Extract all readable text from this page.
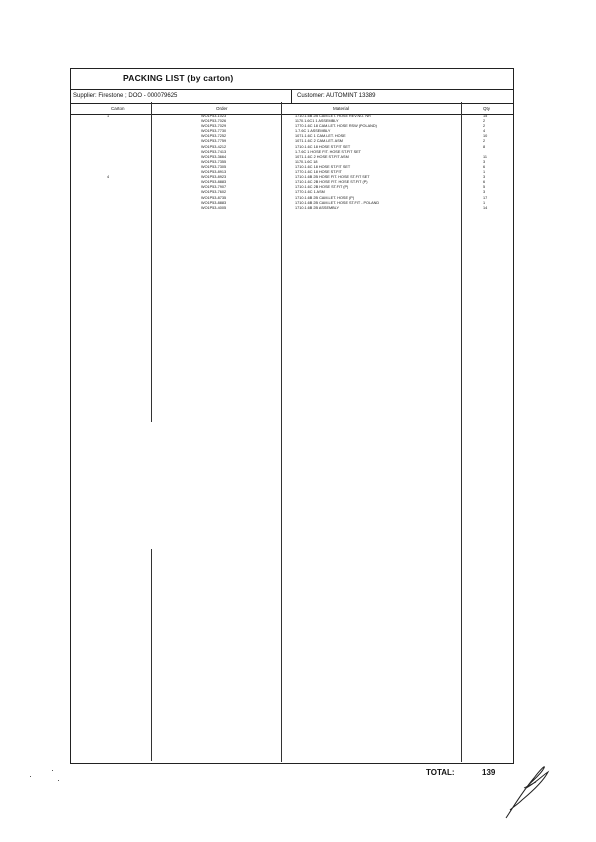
PACKING LIST (by carton)
Supplier: Firestone ; DOO - 000079625	Customer: AUTOMINT 13389
Carton	Order	Material	Qty
1	WO1P53-1023	1710.1.6B 2B CAM.LET. HOSE REV.NO. NR	15
WO1P53-7026	1170.1.6C1 1 ASSEMBLY	2
WO1P53-7029	1770.1.6C 18 CAM.LET. HOSE RSW (POLAND)	2
WO1P53-7730	1.7.6C 1 ASSEMBLY	4
WO1P53-7252	1071.1.6C 1 CAM.LET. HOSE	10
WO1P53-7759	1071.1.6C 2 CAM.LET. ASM	2
WO1P53-4212	1710.1.6C 18 HOSE ST.FIT SET	8
WO1P53-7413	1.7.6C 1 HOSE FIT. HOSE ST.FIT SET
WO1P53-3664	1071.1.6C 2 HOSE ST.FIT ASM	11
WO1P53-7355	1170.1.6C 18	3
WO1P53-7305	1710.1.6C 18 HOSE ST.FIT SET	6
WO1P53-8913	1770.1.6C 18 HOSE ST.FIT	1
4	WO1P53-8923	1710.1.6B 2B HOSE FIT. HOSE ST.FIT SET	3
WO1P53-8883	1710.1.6C 2B HOSE FIT. HOSE ST.FIT (P)	6
WO1P53-7907	1710.1.6C 2B HOSE ST.FIT (P)	5
WO1P53-7602	1770.1.6C 1 ASM	3
WO1P53-8735	1710.1.6B 2B CAM.LET. HOSE (P)	17
WO1P53-8883	1710.1.6B 2B CAM.LET. HOSE ST.FIT - POLAND	1
WO1P53-4005	1710.1.6B 2B ASSEMBLY	14
TOTAL:	139
